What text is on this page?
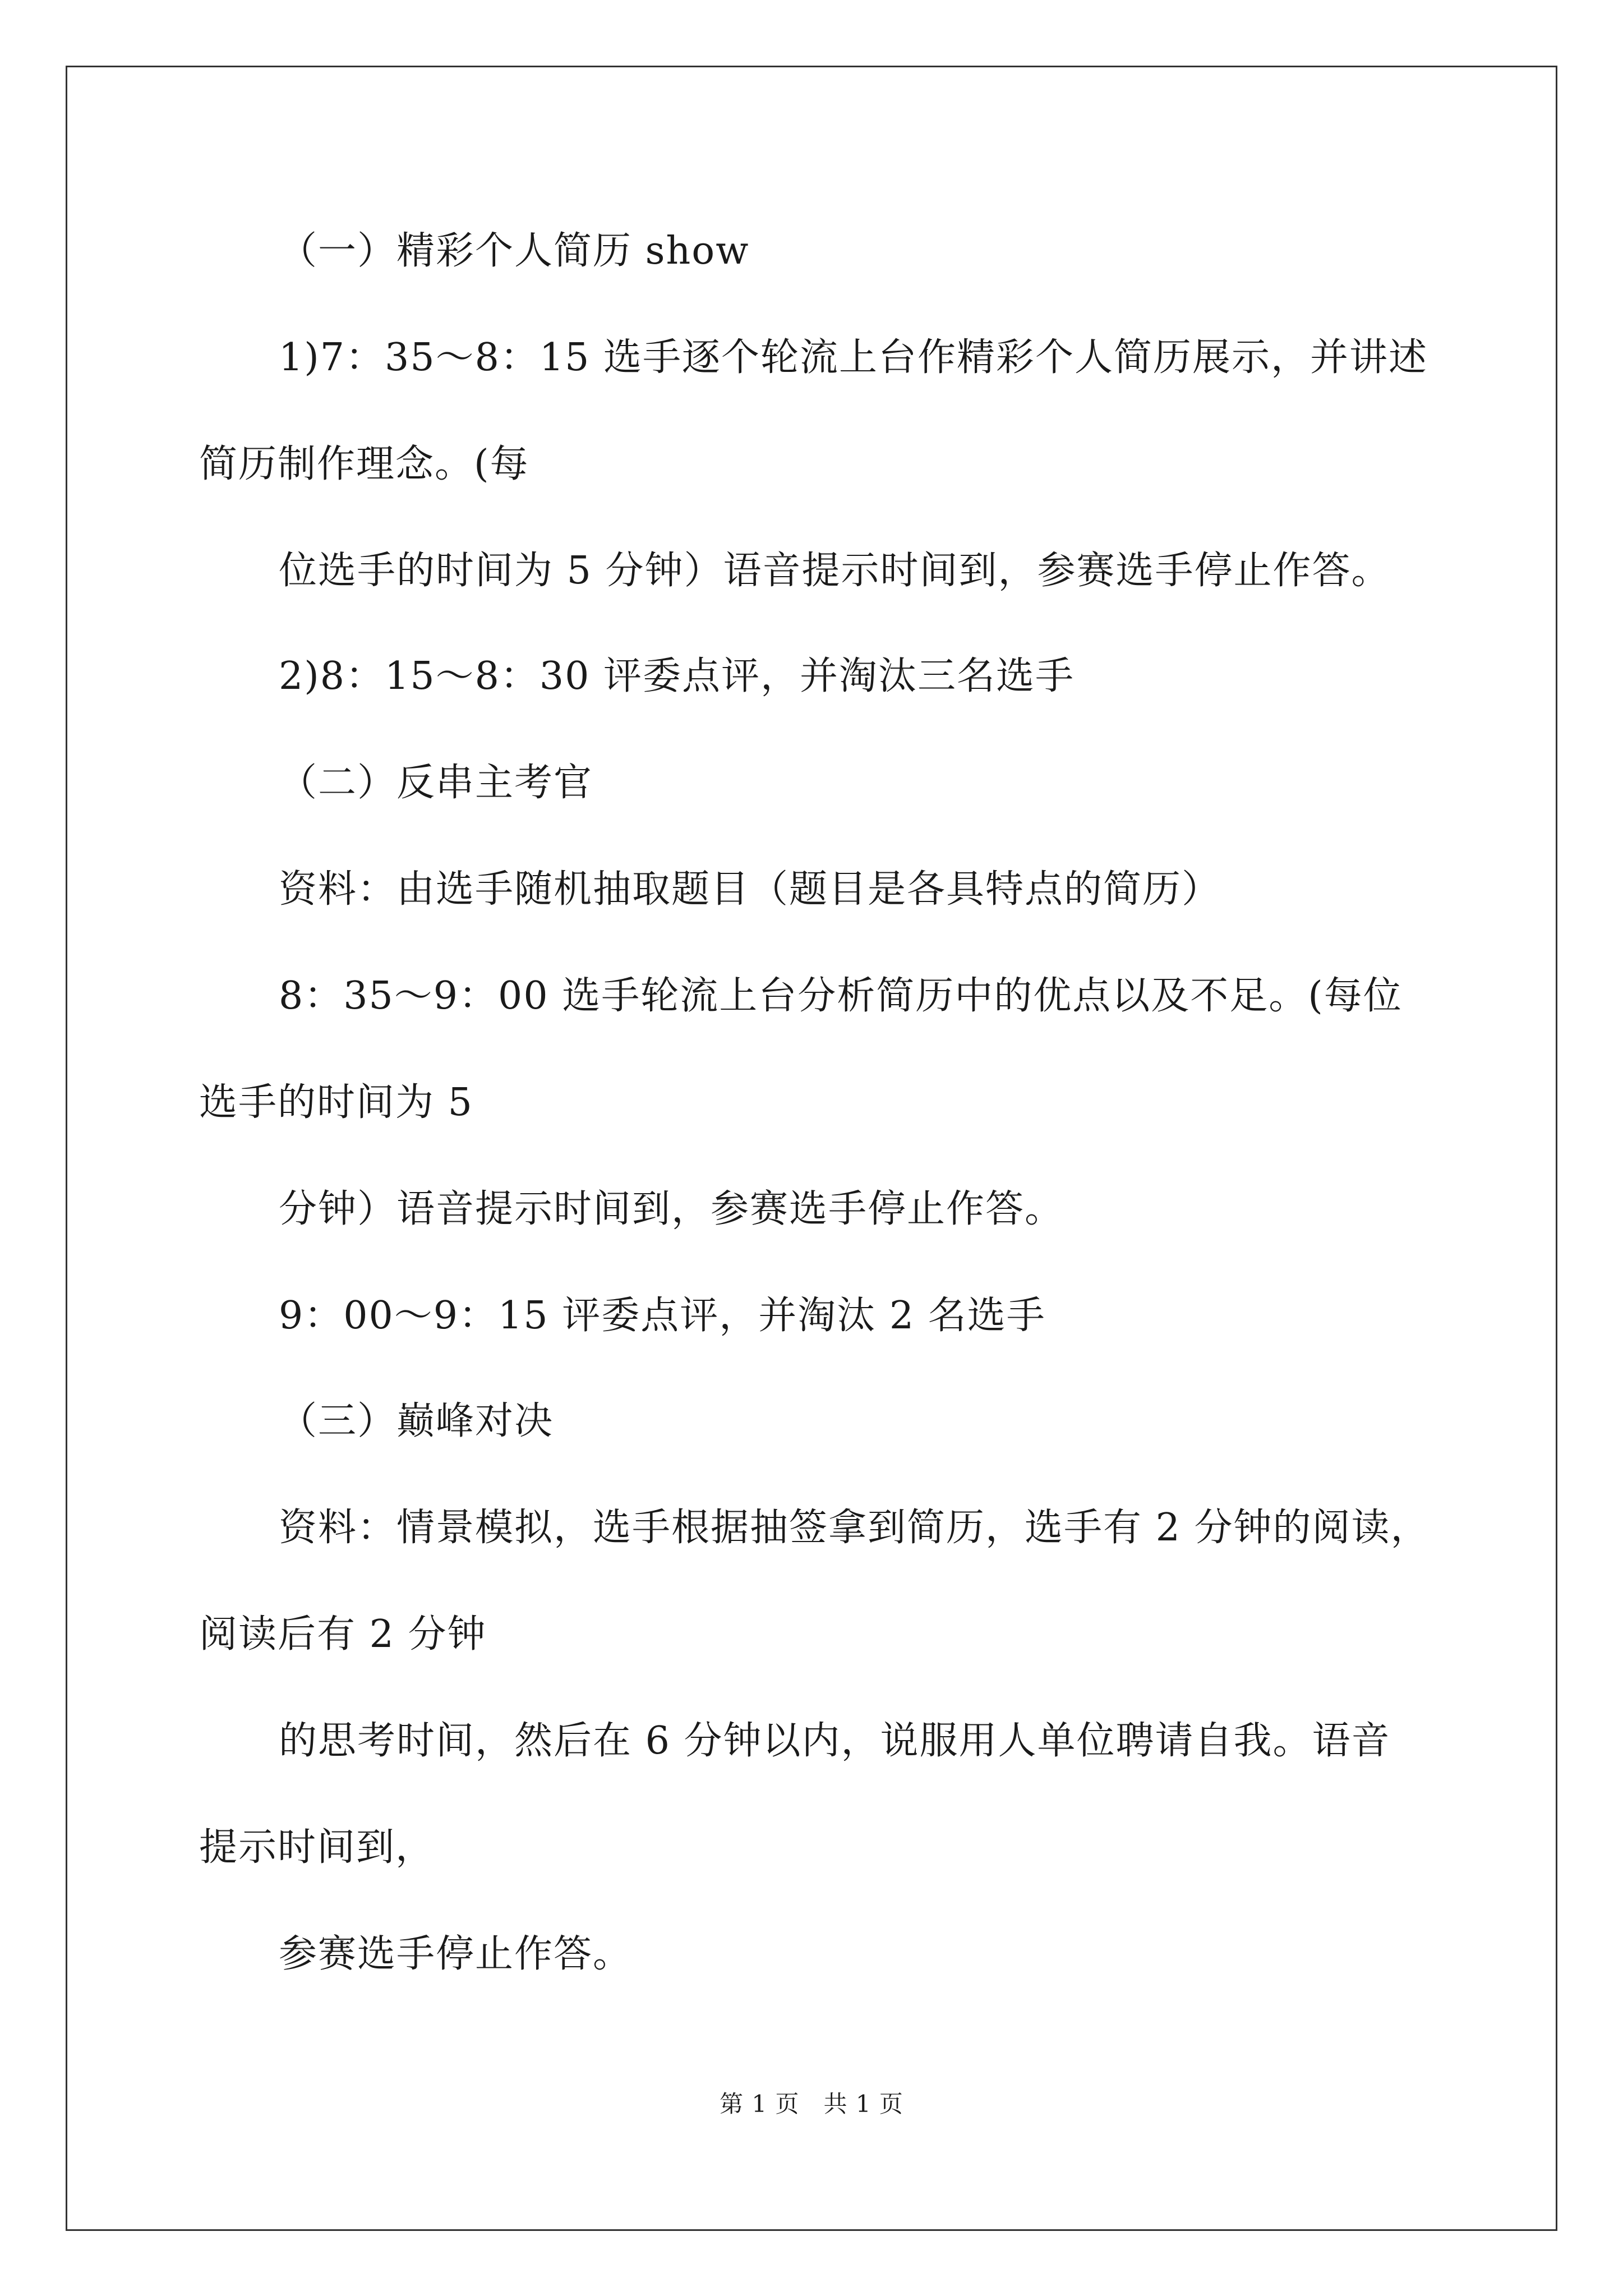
（一）精彩个人简历 show
1)7：35～8：15 选手逐个轮流上台作精彩个人简历展示，并讲述
简历制作理念。(每
位选手的时间为 5 分钟）语音提示时间到，参赛选手停止作答。
2)8：15～8：30 评委点评，并淘汰三名选手
（二）反串主考官
资料：由选手随机抽取题目（题目是各具特点的简历）
8：35～9：00 选手轮流上台分析简历中的优点以及不足。(每位
选手的时间为 5
分钟）语音提示时间到，参赛选手停止作答。
9：00～9：15 评委点评，并淘汰 2 名选手
（三）巅峰对决
资料：情景模拟，选手根据抽签拿到简历，选手有 2 分钟的阅读，
阅读后有 2 分钟
的思考时间，然后在 6 分钟以内，说服用人单位聘请自我。语音
提示时间到，
参赛选手停止作答。
第 1 页　共 1 页
